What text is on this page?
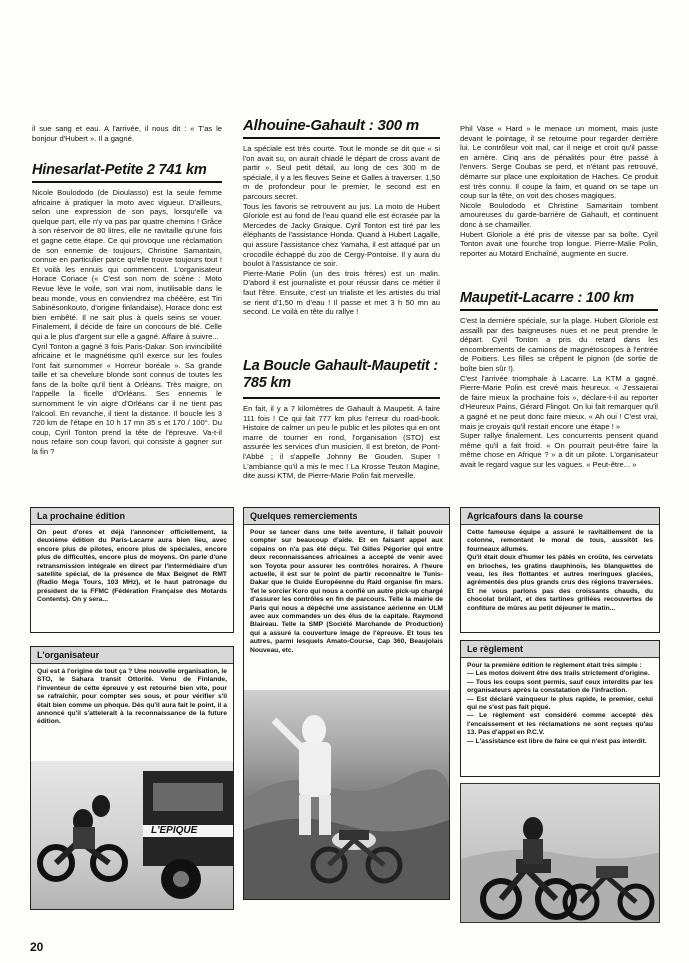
il sue sang et eau. A l'arrivée, il nous dit : « T'as le bonjour d'Hubert ». Il a gagné.

Hinesarlat-Petite 2 741 km

Nicole Boulododo (de Dioulasso) est la seule femme africaine à pratiquer la moto avec vigueur. D'ailleurs, selon une expression de son pays, lorsqu'elle va quelque part, elle n'y va pas par quatre chemins ! Grâce à son réservoir de 80 litres, elle ne ravitaille qu'une fois et gagne cette étape. Ce qui provoque une réclamation de son ennemie de toujours, Christine Samaritain, connue en particulier parce qu'elle trouve toujours tout ! Et voilà les ennuis qui commencent. L'organisateur Horace Coriace (« C'est son nom de scène : Moto Revue lève le voile, son vrai nom, inutilisable dans le beau monde, vous en conviendrez ma chéêère, est Tiri Sabinésonkouto, d'origine finlandaise), Horace donc est bien embêté. Il ne sait plus à quels seins se vouer. Finalement, il décide de faire un concours de blé. Celle qui a le plus d'argent sur elle a gagné. Affaire à suivre...
Cyril Tonton a gagné 3 fois Paris-Dakar. Son invincibilité africaine et le magnétisme qu'il exerce sur les foules l'ont fait surnommer « Horreur boréale ». Sa grande taille et sa chevelure blonde sont connus de toutes les fans de la boîte qu'il tient à Orléans. Très maigre, on l'appelle la ficelle d'Orléans. Ses ennemis le surnomment le vin aigre d'Orléans car il ne tient pas l'alcool. En revanche, il tient la distance. Il boucle les 3 720 km de l'étape en 10 h 17 mn 35 s et 170 / 100°. Du coup, Cyril Tonton prend la tête de l'épreuve. Va-t-il nous refaire son coup favori, qui consiste à gagner sur la fin ?

Alhouine-Gahault : 300 m

La spéciale est très courte. Tout le monde se dit que « si l'on avait su, on aurait chiadé le départ de cross avant de partir ». Seul petit détail, au long de ces 300 m de spéciale, il y a les fleuves Seine et Galles à traverser. 1,50 m de profondeur pour le premier, le second est en parcours secret.
Tous les favoris se retrouvent au jus. La moto de Hubert Gloriole est au fond de l'eau quand elle est écrasée par la Mercedes de Jacky Graique. Cyril Tonton est tiré par les éléphants de l'assistance Honda. Quand à Hubert Lagalle, qui assure l'assistance chez Yamaha, il est attaqué par un crocodile échappé du zoo de Cergy-Pontoise. Il y aura du boulot à l'assistance ce soir.
Pierre-Marie Polin (un des trois frères) est un malin. D'abord il est journaliste et pour réussir dans ce métier il faut l'être. Ensuite, c'est un trialiste et les artistes du trial se rient d'1,50 m d'eau ! Il passe et met 3 h 50 mn au second. Le voilà en tête du rallye !

La Boucle Gahault-Maupetit : 785 km

En fait, il y a 7 kilomètres de Gahault à Maupetit. A faire 111 fois ! Ce qui fait 777 km plus l'erreur du road-book. Histoire de calmer un peu le public et les pilotes qui en ont marre de tourner en rond, l'organisation (STO) est assurée les services d'un musicien. Il est breton, de Pont-l'Abbé ; il s'appelle Johnny Be Gouden. Super ! L'ambiance qu'il a mis le mec ! La Krosse Teuton Magine, dite aussi KTM, de Pierre-Marie Polin fait merveille.

Phil Vase « Hard » le menace un moment, mais juste devant le pointage, il se retourne pour regarder derrière lui. Le contrôleur voit mal, car il neige et croit qu'il passe en arrière. Cinq ans de pénalités pour être passé à l'envers. Serge Coubas se perd, et n'étant pas retrouvé, démarre sur place une exploitation de Haches. Ce produit est très connu. Il coupe la faim, et quand on se tape un coup sur la tête, on voit des choses magiques.
Nicole Boulododo et Christine Samaritain tombent amoureuses du garde-barrière de Gahault, et continuent donc à se chamailler.
Hubert Gloriole a été pris de vitesse par sa boîte. Cyril Tonton avait une fourche trop longue. Pierre-Malie Polin, reporter au Motard Enchaîné, augmente en sucre.

Maupetit-Lacarre : 100 km

C'est la dernière spéciale, sur la plage. Hubert Gloriole est assailli par des baigneuses nues et ne peut prendre le départ. Cyril Tonton a pris du retard dans les encombrements de camions de magnétoscopes à l'entrée de Poitiers. Les filles se crêpent le pignon (de sortie de boîte bien sûr !).
C'est l'arrivée triomphale à Lacarre. La KTM a gagné. Pierre-Marie Polin est crevé mais heureux. « J'essaierai de faire mieux la prochaine fois », déclare-t-il au reporter d'Heureux Pains, Gérard Flingot. On lui fait remarquer qu'il a gagné et ne peut donc faire mieux. « Ah oui ! C'est vrai, mais je croyais qu'il restait encore une étape ! »
Super rallye finalement. Les concurrents pensent quand même qu'il a fait froid. « On pourrait peut-être faire la même chose en Afrique ? » a dit un pilote. L'organisateur avait le regard vague sur les vagues. « Peut-être... »

La prochaine édition

On peut d'ores et déjà l'annoncer officiellement, la deuxième édition du Paris-Lacarre aura bien lieu, avec encore plus de pilotes, encore plus de spéciales, encore plus de difficultés, encore plus de moyens. On parle d'une retransmission intégrale en direct par l'intermédiaire d'un satellite spécial, de la présence de Max Beignet de RMT (Radio Mega Tours, 103 MHz), et le haut patronage du président de la FFMC (Fédération Française des Motards Contents). On y sera...

Quelques remerciements

Pour se lancer dans une telle aventure, il fallait pouvoir compter sur beaucoup d'aide. Et en faisant appel aux copains on n'a pas été déçu. Tel Gilles Pégorier qui entre deux reconnaissances africaines a accepté de venir avec son Toyota pour assurer les contrôles horaires. A l'heure actuelle, il est sur le point de partir reconnaître le Tunis-Dakar que le Guide Européenne du Raid organise fin mars. Tel le sorcier Koro qui nous a confié un autre pick-up chargé d'assurer les contrôles en fin de parcours. Telle la mairie de Paris qui nous a dépêché une assistance aérienne en ULM avec aux commandes un des élus de la capitale. Raymond Blaireau. Telle la SMP (Société Marchande de Production) qui a assuré la couverture image de l'épreuve. Et tous les autres, parmi lesquels Amato-Course, Cap 360, Beaujolais Nouveau, etc.

Agricafours dans la course

Cette fameuse équipe a assuré le ravitaillement de la colonne, remontant le moral de tous, aussitôt les fourneaux allumés.
Qu'il était doux d'humer les pâtés en croûte, les cervelats en brioches, les gratins dauphinois, les blanquettes de veau, les îles flottantes et autres meringues glacées, agrémentés des plus grands crus des régions traversées. Et ne vous parlons pas des croissants chauds, du chocolat brûlant, et des tartines grillées recouvertes de confiture de mûres au petit déjeuner le matin...

L'organisateur

Qui est à l'origine de tout ça ? Une nouvelle organisation, le STO, le Sahara transit Ottorité. Venu de Finlande, l'inventeur de cette épreuve y est retourné bien vite, pour se rafraîchir, pour compter ses sous, et pour vérifier s'il était bien comme un phoque. Dès qu'il aura fait le point, il a annoncé qu'il s'atteleraît à la reconnaissance de la future édition.

L'EPIQUE
Le règlement

Pour la première édition le règlement était très simple :
— Les motos doivent être des trails strictement d'origine.
— Tous les coups sont permis, sauf ceux interdits par les organisateurs après la constatation de l'infraction.
— Est déclaré vainqueur le plus rapide, le premier, celui qui ne s'est pas fait piqué.
— Le règlement est considéré comme accepté dès l'encaissement et les réclamations ne sont reçues qu'au 13. Pas d'appel en P.C.V.
— L'assistance est libre de faire ce qui n'est pas interdit.

20
